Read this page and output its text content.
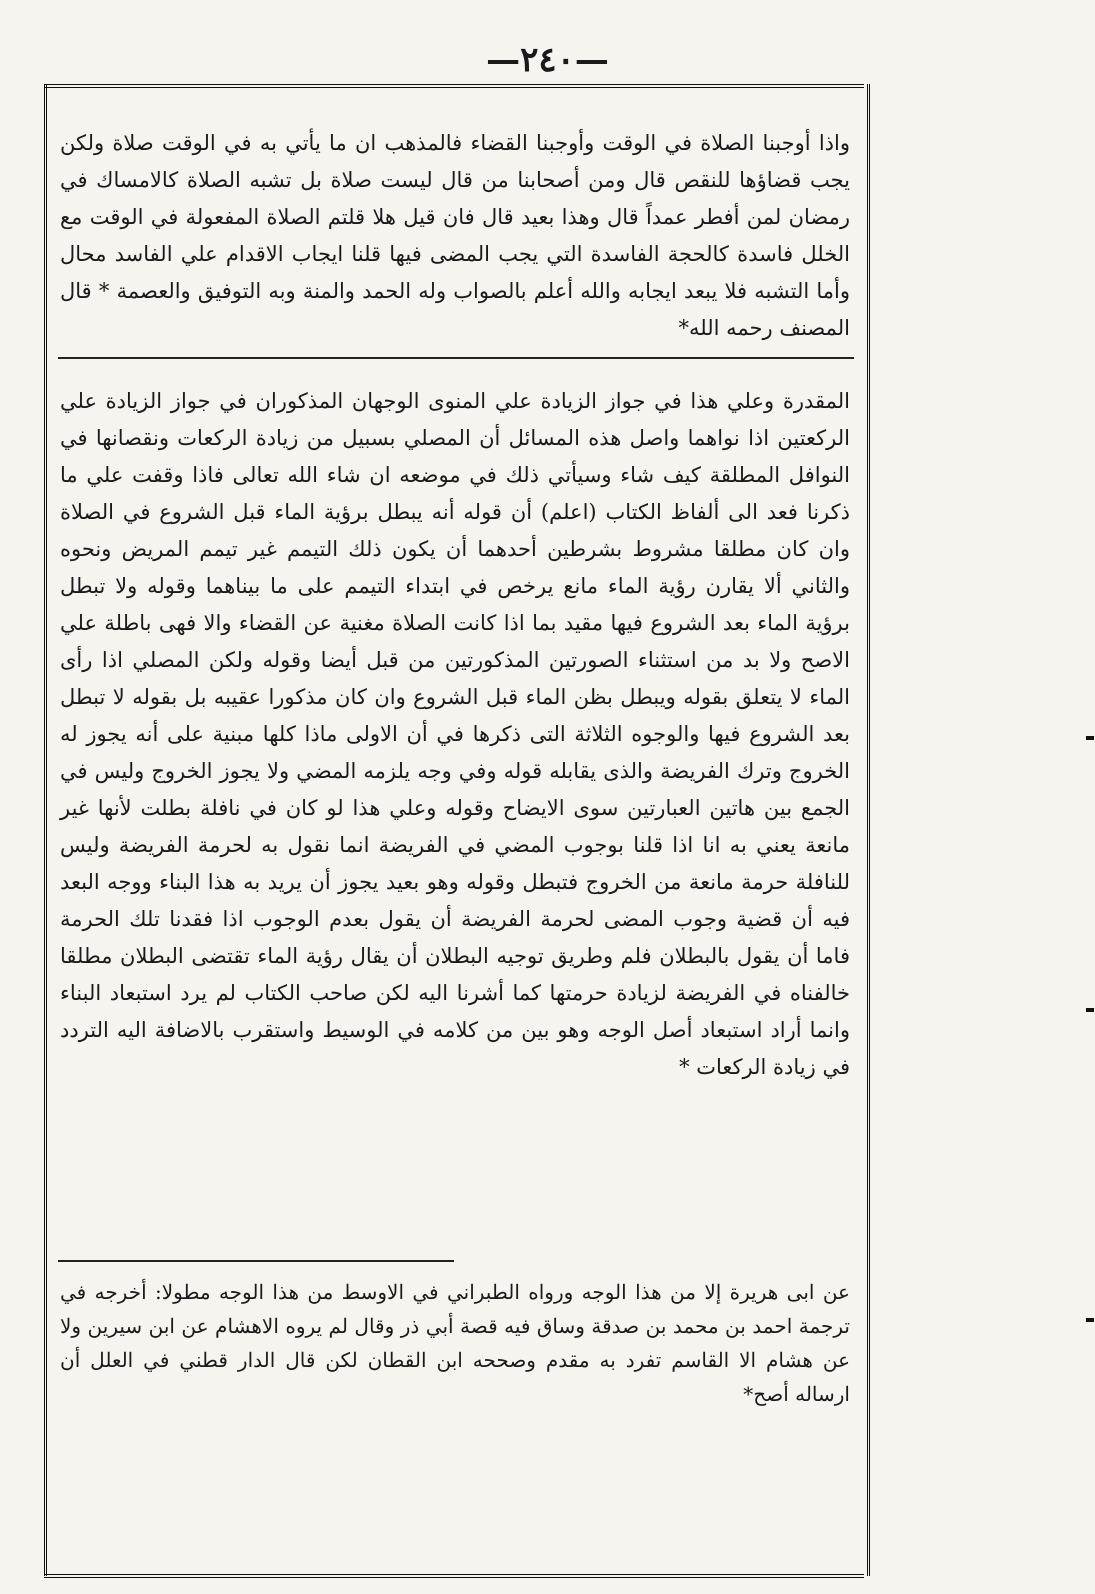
—٢٤٠—

واذا أوجبنا الصلاة في الوقت وأوجبنا القضاء فالمذهب ان ما يأتي به في الوقت صلاة ولكن يجب قضاؤها للنقص قال ومن أصحابنا من قال ليست صلاة بل تشبه الصلاة كالامساك في رمضان لمن أفطر عمداً قال وهذا بعيد قال فان قيل هلا قلتم الصلاة المفعولة في الوقت مع الخلل فاسدة كالحجة الفاسدة التي يجب المضى فيها قلنا ايجاب الاقدام علي الفاسد محال وأما التشبه فلا يبعد ايجابه والله أعلم بالصواب وله الحمد والمنة وبه التوفيق والعصمة * قال المصنف رحمه الله*

المقدرة وعلي هذا في جواز الزيادة علي المنوى الوجهان المذكوران في جواز الزيادة علي الركعتين اذا نواهما واصل هذه المسائل أن المصلي بسبيل من زيادة الركعات ونقصانها في النوافل المطلقة كيف شاء وسيأتي ذلك في موضعه ان شاء الله تعالى فاذا وقفت علي ما ذكرنا فعد الى ألفاظ الكتاب (اعلم) أن قوله أنه يبطل برؤية الماء قبل الشروع في الصلاة وان كان مطلقا مشروط بشرطين أحدهما أن يكون ذلك التيمم غير تيمم المريض ونحوه والثاني ألا يقارن رؤية الماء مانع يرخص في ابتداء التيمم على ما بيناهما وقوله ولا تبطل برؤية الماء بعد الشروع فيها مقيد بما اذا كانت الصلاة مغنية عن القضاء والا فهى باطلة علي الاصح ولا بد من استثناء الصورتين المذكورتين من قبل أيضا وقوله ولكن المصلي اذا رأى الماء لا يتعلق بقوله ويبطل بظن الماء قبل الشروع وان كان مذكورا عقيبه بل بقوله لا تبطل بعد الشروع فيها والوجوه الثلاثة التى ذكرها في أن الاولى ماذا كلها مبنية على أنه يجوز له الخروج وترك الفريضة والذى يقابله قوله وفي وجه يلزمه المضي ولا يجوز الخروج وليس في الجمع بين هاتين العبارتين سوى الايضاح وقوله وعلي هذا لو كان في نافلة بطلت لأنها غير مانعة يعني به انا اذا قلنا بوجوب المضي في الفريضة انما نقول به لحرمة الفريضة وليس للنافلة حرمة مانعة من الخروج فتبطل وقوله وهو بعيد يجوز أن يريد به هذا البناء ووجه البعد فيه أن قضية وجوب المضى لحرمة الفريضة أن يقول بعدم الوجوب اذا فقدنا تلك الحرمة فاما أن يقول بالبطلان فلم وطريق توجيه البطلان أن يقال رؤية الماء تقتضى البطلان مطلقا خالفناه في الفريضة لزيادة حرمتها كما أشرنا اليه لكن صاحب الكتاب لم يرد استبعاد البناء وانما أراد استبعاد أصل الوجه وهو بين من كلامه في الوسيط واستقرب بالاضافة اليه التردد في زيادة الركعات *

عن ابى هريرة إلا من هذا الوجه ورواه الطبراني في الاوسط من هذا الوجه مطولا: أخرجه في ترجمة احمد بن محمد بن صدقة وساق فيه قصة أبي ذر وقال لم يروه الاهشام عن ابن سيرين ولا عن هشام الا القاسم تفرد به مقدم وصححه ابن القطان لكن قال الدار قطني في العلل أن ارساله أصح*
